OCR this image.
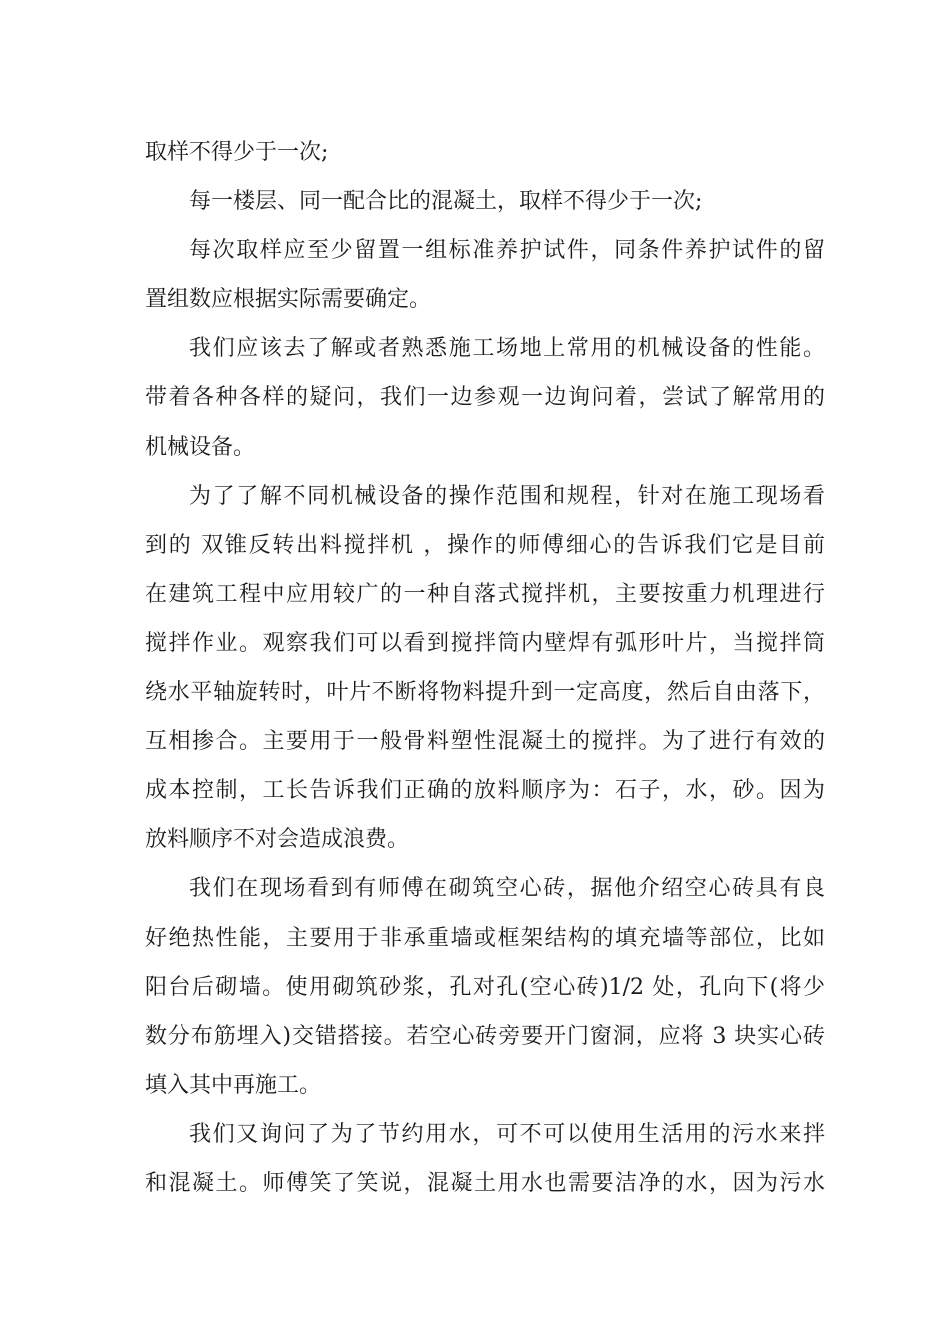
取样不得少于一次;
每一楼层、同一配合比的混凝土，取样不得少于一次;
每次取样应至少留置一组标准养护试件，同条件养护试件的留
置组数应根据实际需要确定。
我们应该去了解或者熟悉施工场地上常用的机械设备的性能。
带着各种各样的疑问，我们一边参观一边询问着，尝试了解常用的
机械设备。
为了了解不同机械设备的操作范围和规程，针对在施工现场看
到的 双锥反转出料搅拌机 ，操作的师傅细心的告诉我们它是目前
在建筑工程中应用较广的一种自落式搅拌机，主要按重力机理进行
搅拌作业。观察我们可以看到搅拌筒内壁焊有弧形叶片，当搅拌筒
绕水平轴旋转时，叶片不断将物料提升到一定高度，然后自由落下，
互相掺合。主要用于一般骨料塑性混凝土的搅拌。为了进行有效的
成本控制，工长告诉我们正确的放料顺序为：石子，水，砂。因为
放料顺序不对会造成浪费。
我们在现场看到有师傅在砌筑空心砖，据他介绍空心砖具有良
好绝热性能，主要用于非承重墙或框架结构的填充墙等部位，比如
阳台后砌墙。使用砌筑砂浆，孔对孔(空心砖)1/2 处，孔向下(将少
数分布筋埋入)交错搭接。若空心砖旁要开门窗洞，应将 3 块实心砖
填入其中再施工。
我们又询问了为了节约用水，可不可以使用生活用的污水来拌
和混凝土。师傅笑了笑说，混凝土用水也需要洁净的水，因为污水
